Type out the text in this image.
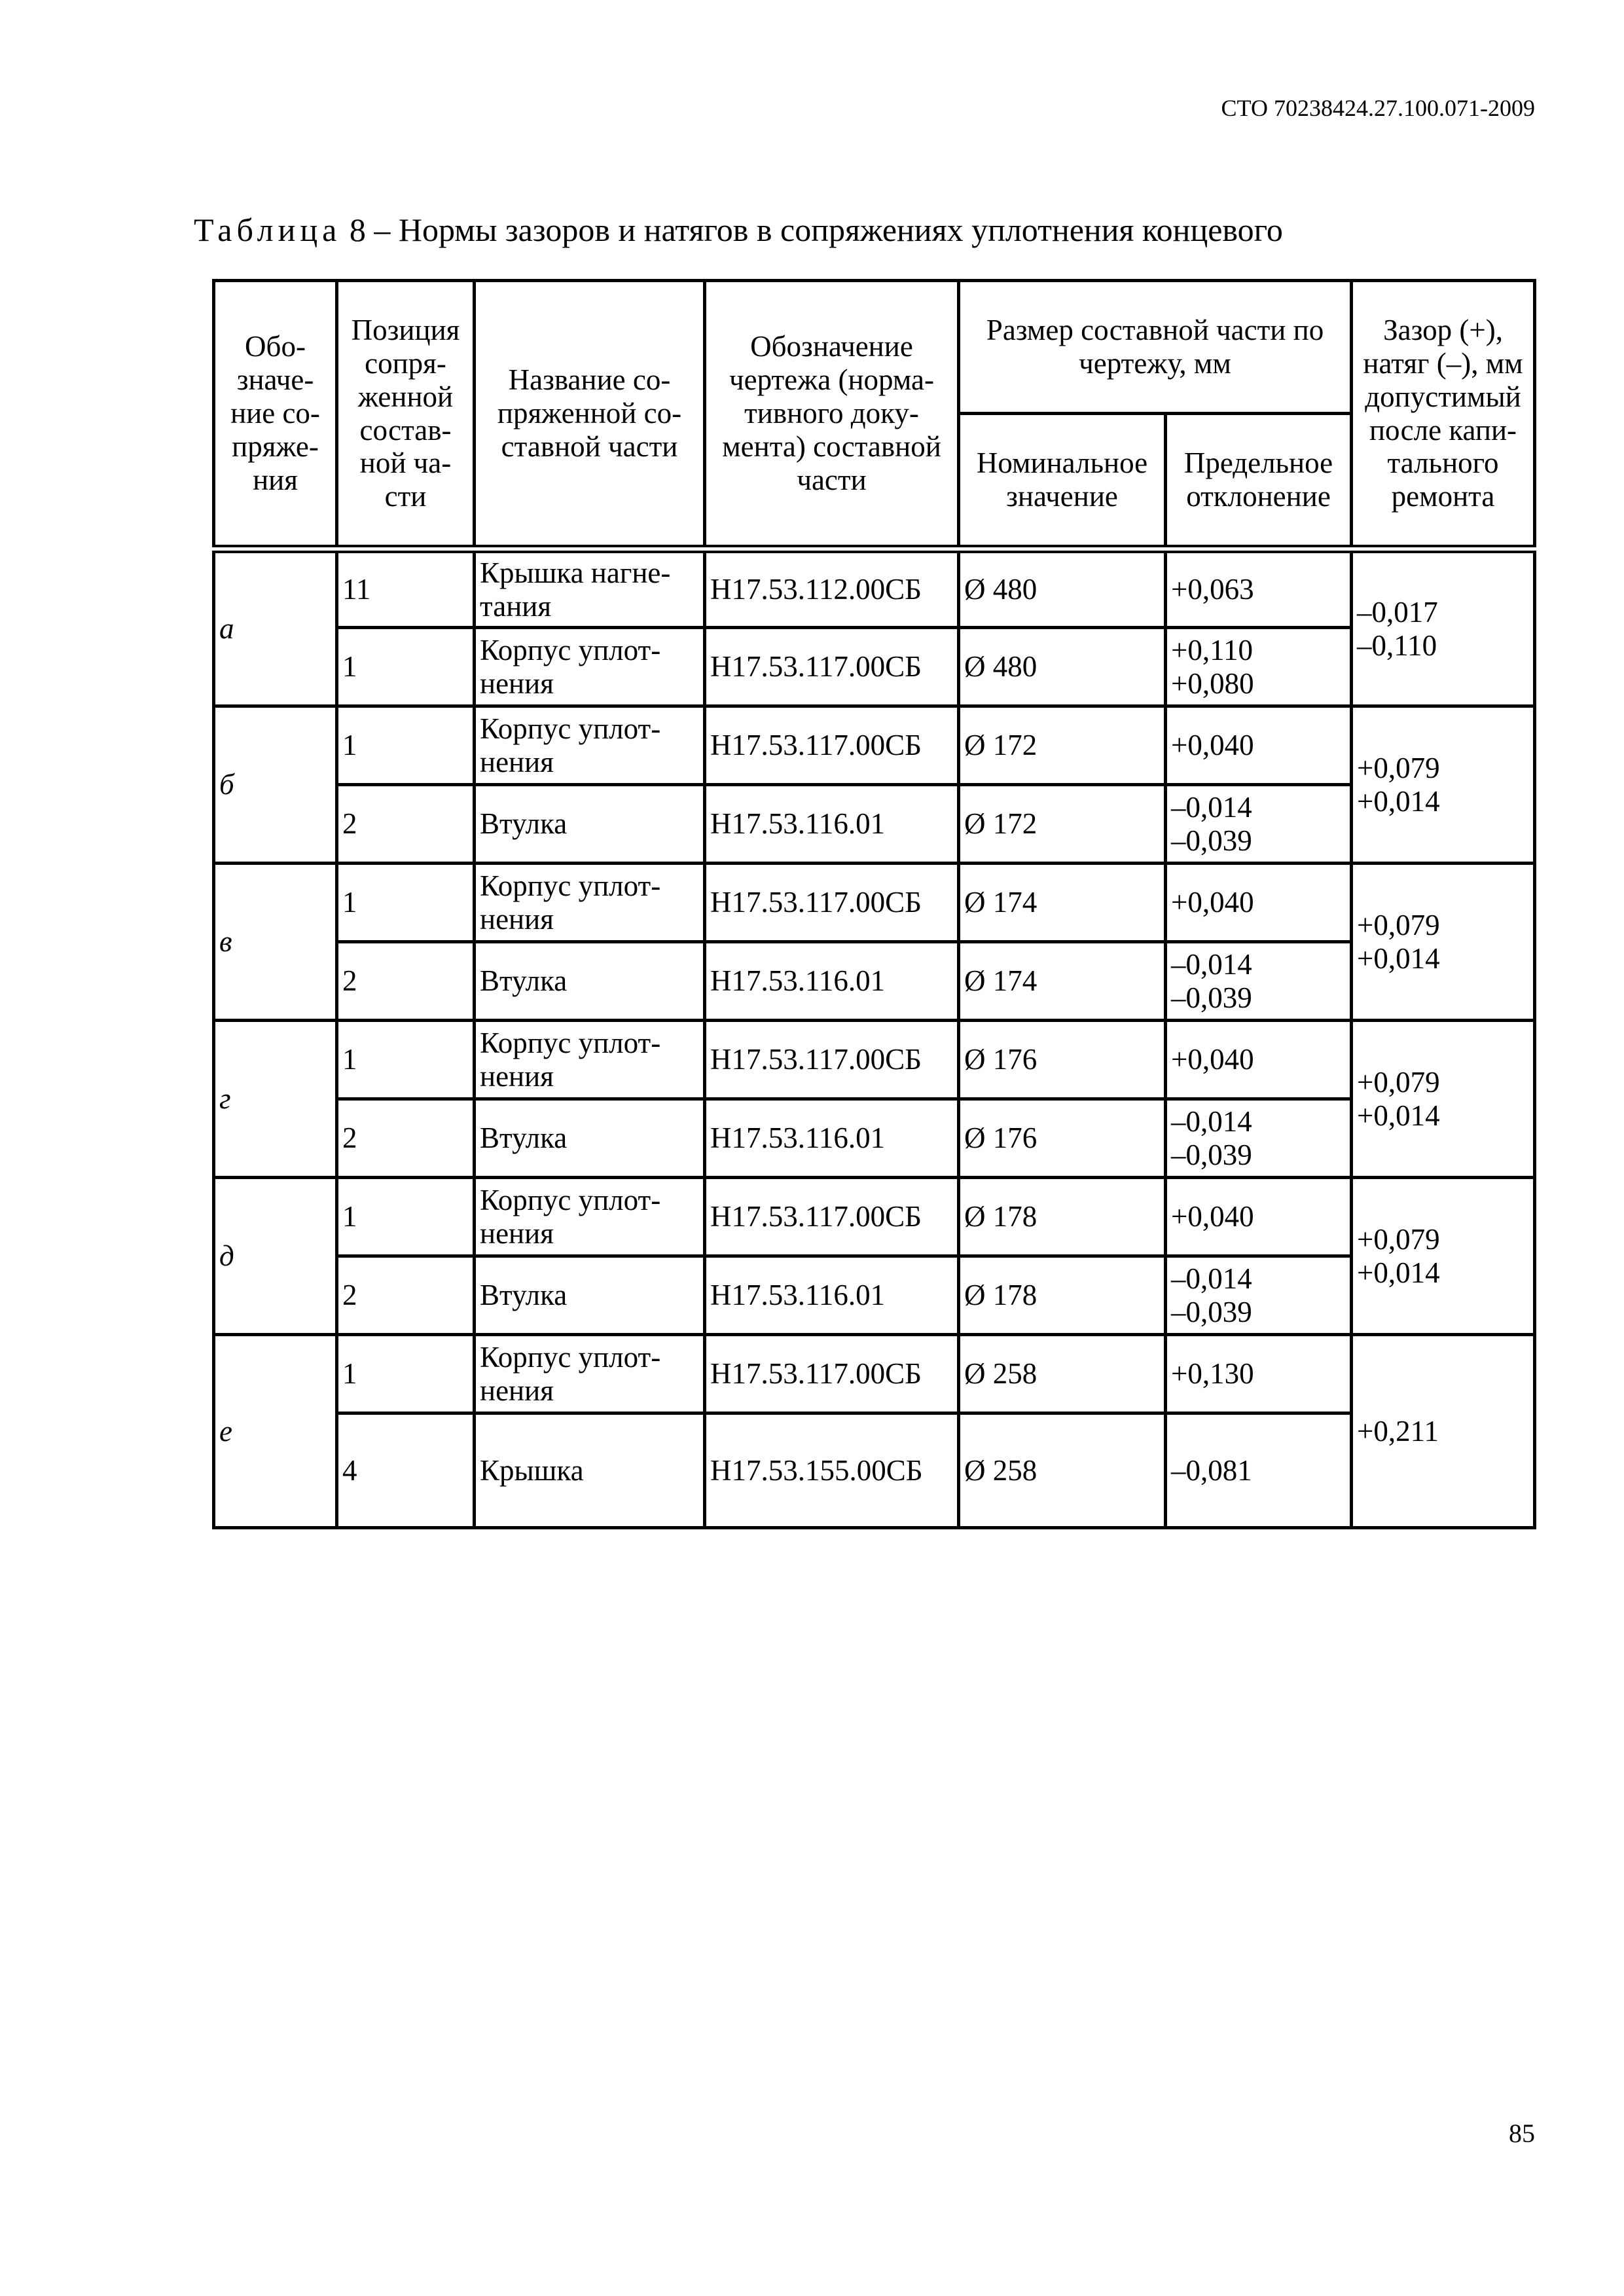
СТО 70238424.27.100.071-2009
Таблица 8 – Нормы зазоров и натягов в сопряжениях уплотнения концевого
Обо-значе-ние со-пряже-ния	Позиция сопря-женной состав-ной ча-сти	Название со-пряженной со-ставной части	Обозначение чертежа (норма-тивного доку-мента) составной части	Размер составной части по чертежу, мм		Зазор (+), натяг (–), мм допустимый после капи-тального ремонта
				Номинальное значение	Предельное отклонение	
а	11	Крышка нагне-тания	Н17.53.112.00СБ	Ø 480	+0,063	–0,017
–0,110

	1	Корпус уплот-нения	Н17.53.117.00СБ	Ø 480	+0,110
+0,080	

б	1	Корпус уплот-нения	Н17.53.117.00СБ	Ø 172	+0,040	+0,079
+0,014

	2	Втулка	Н17.53.116.01	Ø 172	–0,014
–0,039	

в	1	Корпус уплот-нения	Н17.53.117.00СБ	Ø 174	+0,040	+0,079
+0,014

	2	Втулка	Н17.53.116.01	Ø 174	–0,014
–0,039	

г	1	Корпус уплот-нения	Н17.53.117.00СБ	Ø 176	+0,040	+0,079
+0,014

	2	Втулка	Н17.53.116.01	Ø 176	–0,014
–0,039	

д	1	Корпус уплот-нения	Н17.53.117.00СБ	Ø 178	+0,040	+0,079
+0,014

	2	Втулка	Н17.53.116.01	Ø 178	–0,014
–0,039	

е	1	Корпус уплот-нения	Н17.53.117.00СБ	Ø 258	+0,130	+0,211

	4	Крышка	Н17.53.155.00СБ	Ø 258	–0,081	
85
